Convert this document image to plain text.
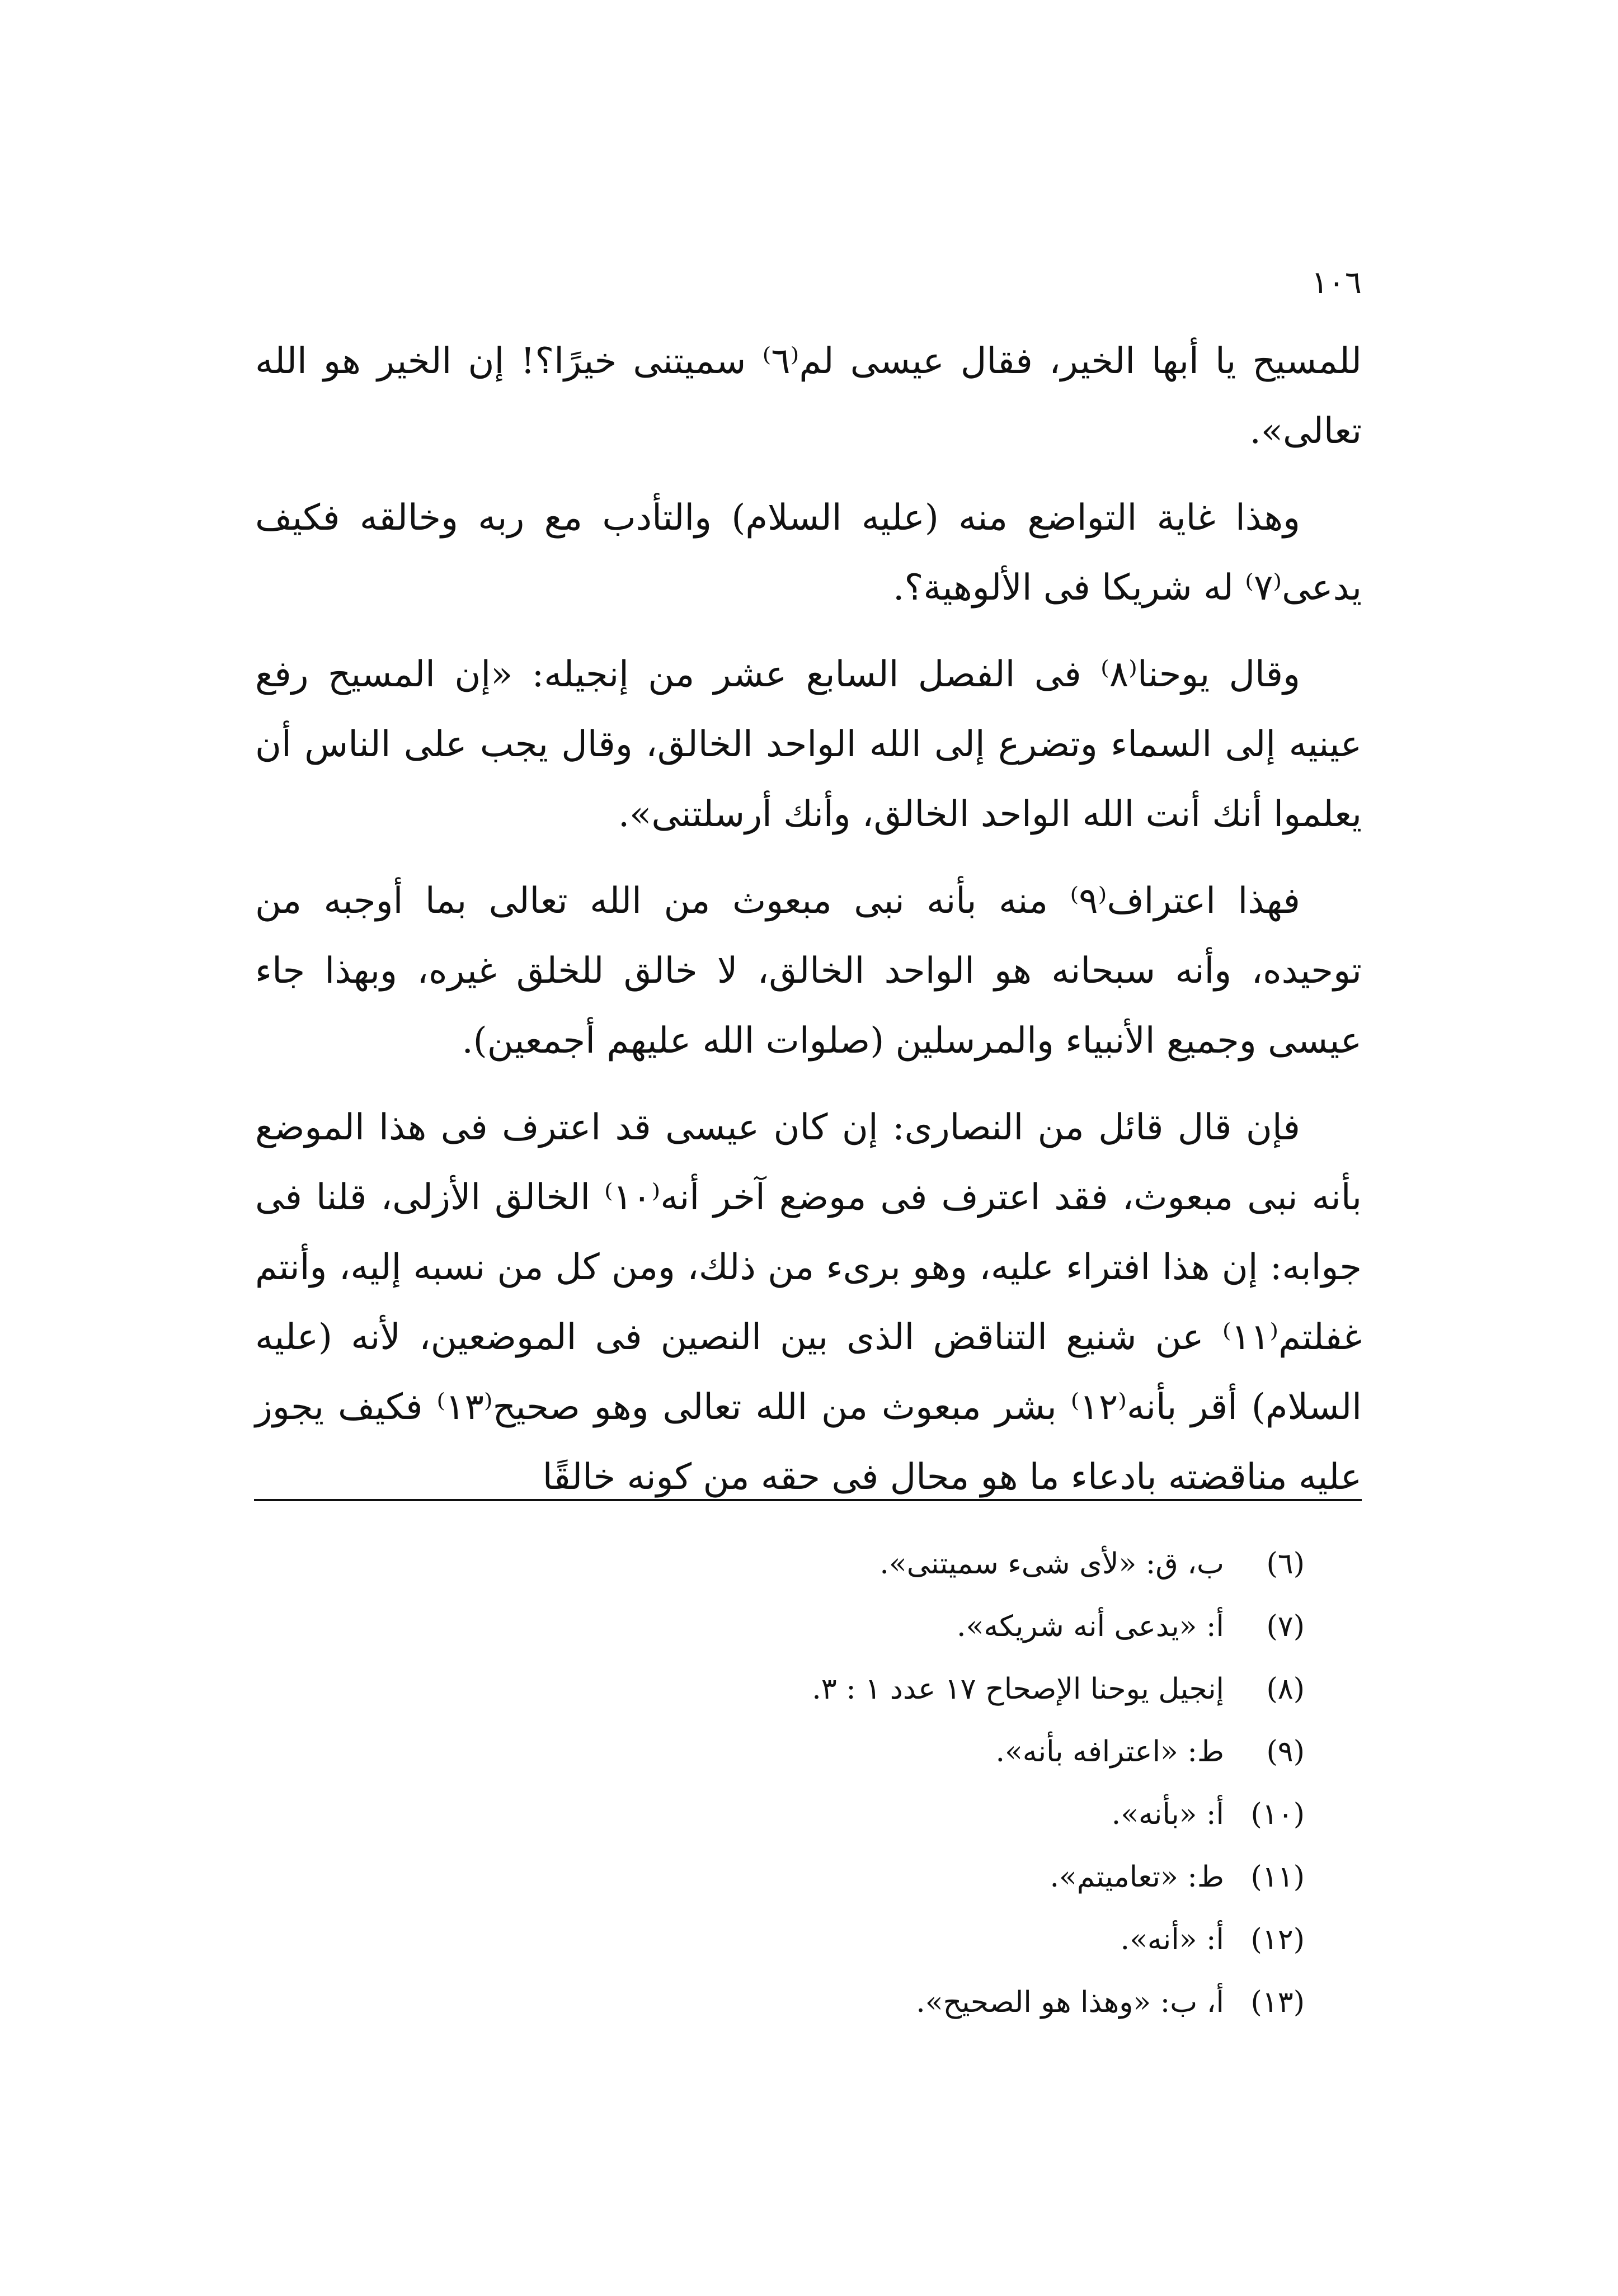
١٠٦

للمسيح يا أبها الخير، فقال عيسى لم⁽٦⁾ سميتنى خيرًا؟! إن الخير هو الله تعالى».

وهذا غاية التواضع منه (عليه السلام) والتأدب مع ربه وخالقه فكيف يدعى⁽٧⁾ له شريكا فى الألوهية؟.

وقال يوحنا⁽٨⁾ فى الفصل السابع عشر من إنجيله: «إن المسيح رفع عينيه إلى السماء وتضرع إلى الله الواحد الخالق، وقال يجب على الناس أن يعلموا أنك أنت الله الواحد الخالق، وأنك أرسلتنى».

فهذا اعتراف⁽٩⁾ منه بأنه نبى مبعوث من الله تعالى بما أوجبه من توحيده، وأنه سبحانه هو الواحد الخالق، لا خالق للخلق غيره، وبهذا جاء عيسى وجميع الأنبياء والمرسلين (صلوات الله عليهم أجمعين).

فإن قال قائل من النصارى: إن كان عيسى قد اعترف فى هذا الموضع بأنه نبى مبعوث، فقد اعترف فى موضع آخر أنه⁽١٠⁾ الخالق الأزلى، قلنا فى جوابه: إن هذا افتراء عليه، وهو برىء من ذلك، ومن كل من نسبه إليه، وأنتم غفلتم⁽١١⁾ عن شنيع التناقض الذى بين النصين فى الموضعين، لأنه (عليه السلام) أقر بأنه⁽١٢⁾ بشر مبعوث من الله تعالى وهو صحيح⁽١٣⁾ فكيف يجوز عليه مناقضته بادعاء ما هو محال فى حقه من كونه خالقًا

(٦)
ب، ق: «لأى شىء سميتنى».
(٧)
أ: «يدعى أنه شريكه».
(٨)
إنجيل يوحنا الإصحاح ١٧ عدد ١ : ٣.
(٩)
ط: «اعترافه بأنه».
(١٠)
أ: «بأنه».
(١١)
ط: «تعاميتم».
(١٢)
أ: «أنه».
(١٣)
أ، ب: «وهذا هو الصحيح».
